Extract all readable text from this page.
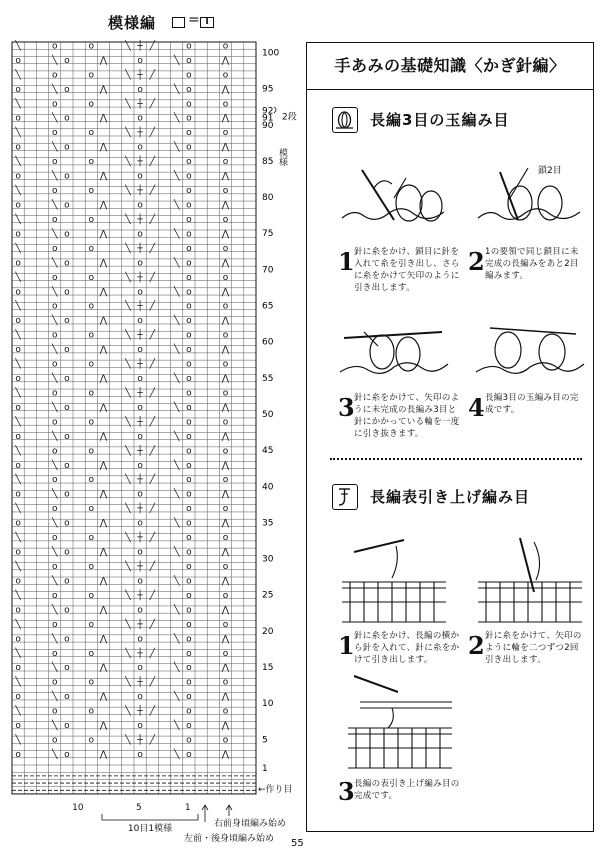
模様編 = I
╲	o	o	╲ ┼ ╱	o	o
o	╲ o	⋀	o	╲ o	⋀
╲	o	o	╲ ┼ ╱	o	o
o	╲ o	⋀	o	╲ o	⋀
╲	o	o	╲ ┼ ╱	o	o
o	╲ o	⋀	o	╲ o	⋀
╲	o	o	╲ ┼ ╱	o	o
o	╲ o	⋀	o	╲ o	⋀
╲	o	o	╲ ┼ ╱	o	o
o	╲ o	⋀	o	╲ o	⋀
╲	o	o	╲ ┼ ╱	o	o
o	╲ o	⋀	o	╲ o	⋀
╲	o	o	╲ ┼ ╱	o	o
o	╲ o	⋀	o	╲ o	⋀
╲	o	o	╲ ┼ ╱	o	o
o	╲ o	⋀	o	╲ o	⋀
╲	o	o	╲ ┼ ╱	o	o
o	╲ o	⋀	o	╲ o	⋀
╲	o	o	╲ ┼ ╱	o	o
o	╲ o	⋀	o	╲ o	⋀
╲	o	o	╲ ┼ ╱	o	o
o	╲ o	⋀	o	╲ o	⋀
╲	o	o	╲ ┼ ╱	o	o
o	╲ o	⋀	o	╲ o	⋀
╲	o	o	╲ ┼ ╱	o	o
o	╲ o	⋀	o	╲ o	⋀
╲	o	o	╲ ┼ ╱	o	o
o	╲ o	⋀	o	╲ o	⋀
╲	o	o	╲ ┼ ╱	o	o
o	╲ o	⋀	o	╲ o	⋀
╲	o	o	╲ ┼ ╱	o	o
o	╲ o	⋀	o	╲ o	⋀
╲	o	o	╲ ┼ ╱	o	o
o	╲ o	⋀	o	╲ o	⋀
╲	o	o	╲ ┼ ╱	o	o
o	╲ o	⋀	o	╲ o	⋀
╲	o	o	╲ ┼ ╱	o	o
o	╲ o	⋀	o	╲ o	⋀
╲	o	o	╲ ┼ ╱	o	o
o	╲ o	⋀	o	╲ o	⋀
╲	o	o	╲ ┼ ╱	o	o
o	╲ o	⋀	o	╲ o	⋀
╲	o	o	╲ ┼ ╱	o	o
o	╲ o	⋀	o	╲ o	⋀
╲	o	o	╲ ┼ ╱	o	o
o	╲ o	⋀	o	╲ o	⋀
╲	o	o	╲ ┼ ╱	o	o
o	╲ o	⋀	o	╲ o	⋀
╲	o	o	╲ ┼ ╱	o	o
o	╲ o	⋀	o	╲ o	⋀
100
95
92
91
90
85
80
75
70
65
60
55
50
45
40
35
30
25
20
15
10
5
1
2段
模様
←作り目
10	5	1
10目1模様	右前身頃編み始め
左前・後身頃編み始め
手あみの基礎知識〈かぎ針編〉
長編3目の玉編み目
鎖2目
1 針に糸をかけ、鎖目に針を入れて糸を引き出し、さらに糸をかけて矢印のように引き出します。
2 1の要領で同じ鎖目に未完成の長編みをあと2目編みます。
3 針に糸をかけて、矢印のように未完成の長編み3目と針にかかっている輪を一度に引き抜きます。
4 長編3目の玉編み目の完成です。
長編表引き上げ編み目
1 針に糸をかけ、長編の横から針を入れて、針に糸をかけて引き出します。	2 針に糸をかけて、矢印のように輪を二つずつ2回引き出します。
3 長編の表引き上げ編み目の完成です。
55
